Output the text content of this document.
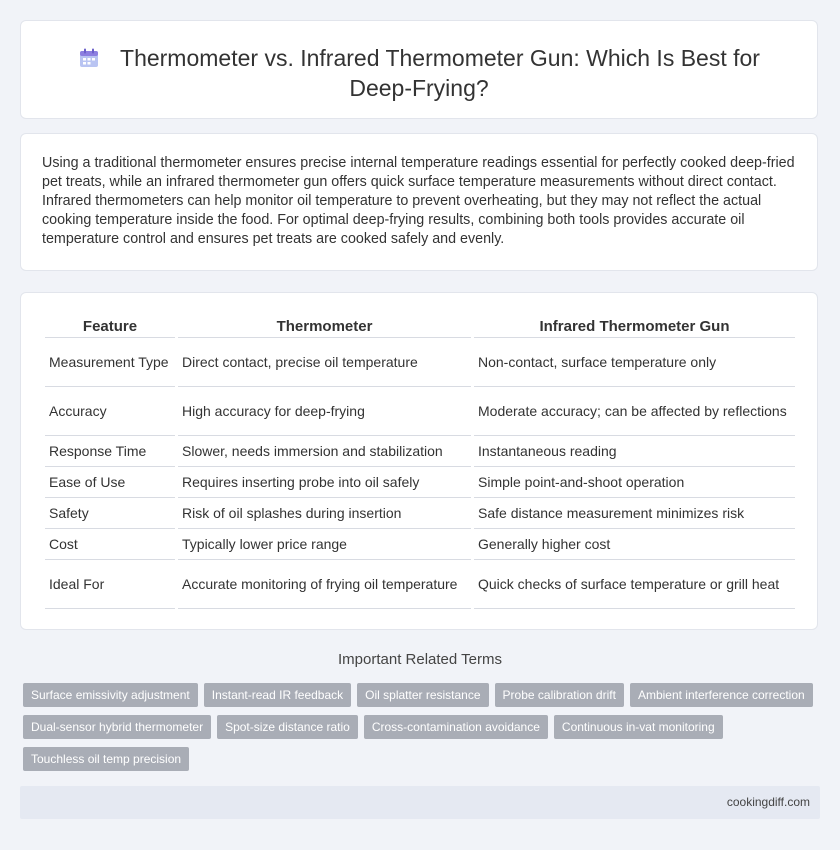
Thermometer vs. Infrared Thermometer Gun: Which Is Best for Deep-Frying?
Using a traditional thermometer ensures precise internal temperature readings essential for perfectly cooked deep-fried pet treats, while an infrared thermometer gun offers quick surface temperature measurements without direct contact. Infrared thermometers can help monitor oil temperature to prevent overheating, but they may not reflect the actual cooking temperature inside the food. For optimal deep-frying results, combining both tools provides accurate oil temperature control and ensures pet treats are cooked safely and evenly.
Feature	Thermometer	Infrared Thermometer Gun
Measurement Type	Direct contact, precise oil temperature	Non-contact, surface temperature only
Accuracy	High accuracy for deep-frying	Moderate accuracy; can be affected by reflections
Response Time	Slower, needs immersion and stabilization	Instantaneous reading
Ease of Use	Requires inserting probe into oil safely	Simple point-and-shoot operation
Safety	Risk of oil splashes during insertion	Safe distance measurement minimizes risk
Cost	Typically lower price range	Generally higher cost
Ideal For	Accurate monitoring of frying oil temperature	Quick checks of surface temperature or grill heat
Important Related Terms
Surface emissivity adjustment	Instant-read IR feedback	Oil splatter resistance	Probe calibration drift	Ambient interference correction
Dual-sensor hybrid thermometer	Spot-size distance ratio	Cross-contamination avoidance	Continuous in-vat monitoring
Touchless oil temp precision
cookingdiff.com
